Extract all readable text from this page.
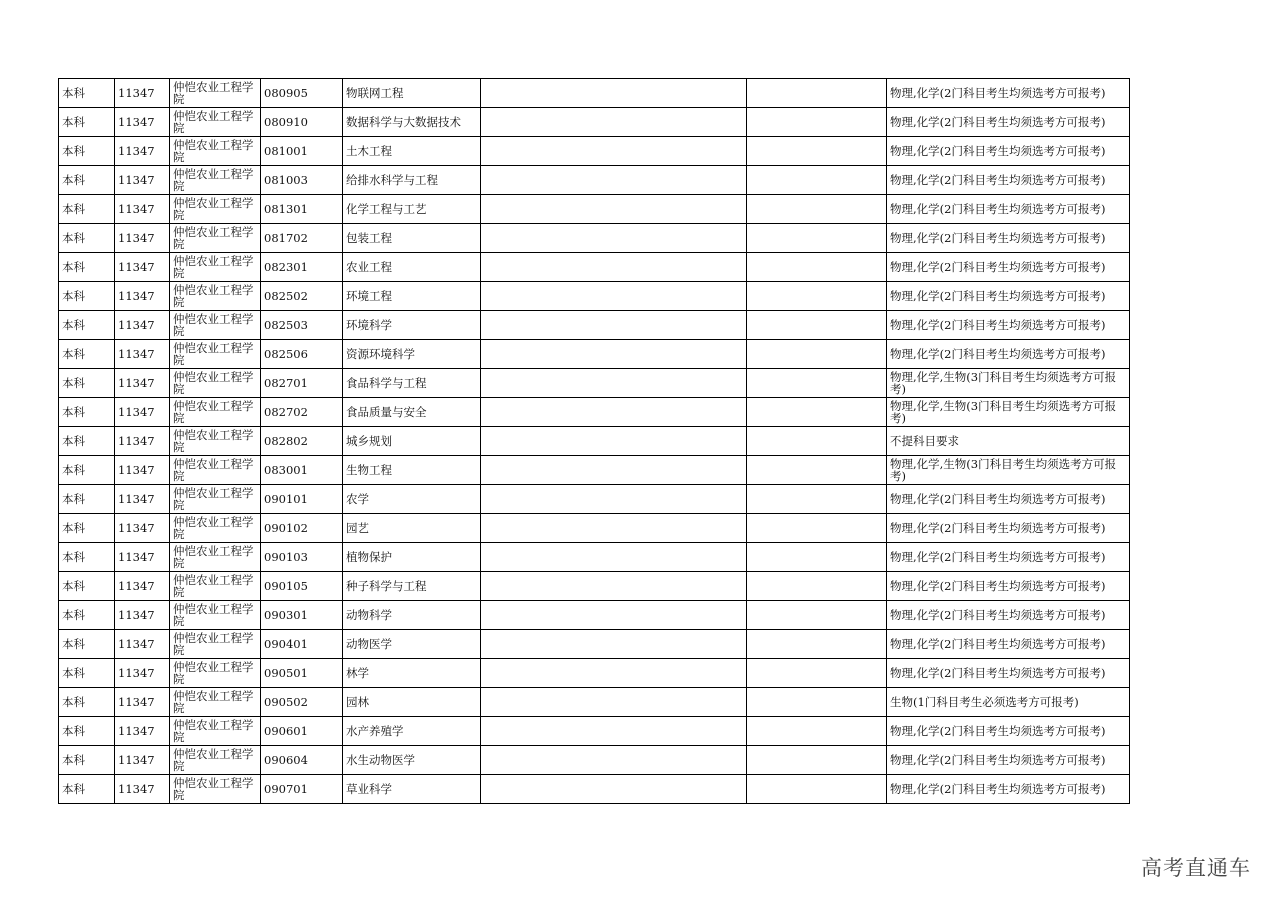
本科	11347	仲恺农业工程学院	080905	物联网工程			物理,化学(2门科目考生均须选考方可报考)
本科	11347	仲恺农业工程学院	080910	数据科学与大数据技术			物理,化学(2门科目考生均须选考方可报考)
本科	11347	仲恺农业工程学院	081001	土木工程			物理,化学(2门科目考生均须选考方可报考)
本科	11347	仲恺农业工程学院	081003	给排水科学与工程			物理,化学(2门科目考生均须选考方可报考)
本科	11347	仲恺农业工程学院	081301	化学工程与工艺			物理,化学(2门科目考生均须选考方可报考)
本科	11347	仲恺农业工程学院	081702	包装工程			物理,化学(2门科目考生均须选考方可报考)
本科	11347	仲恺农业工程学院	082301	农业工程			物理,化学(2门科目考生均须选考方可报考)
本科	11347	仲恺农业工程学院	082502	环境工程			物理,化学(2门科目考生均须选考方可报考)
本科	11347	仲恺农业工程学院	082503	环境科学			物理,化学(2门科目考生均须选考方可报考)
本科	11347	仲恺农业工程学院	082506	资源环境科学			物理,化学(2门科目考生均须选考方可报考)
本科	11347	仲恺农业工程学院	082701	食品科学与工程			物理,化学,生物(3门科目考生均须选考方可报考)
本科	11347	仲恺农业工程学院	082702	食品质量与安全			物理,化学,生物(3门科目考生均须选考方可报考)
本科	11347	仲恺农业工程学院	082802	城乡规划			不提科目要求
本科	11347	仲恺农业工程学院	083001	生物工程			物理,化学,生物(3门科目考生均须选考方可报考)
本科	11347	仲恺农业工程学院	090101	农学			物理,化学(2门科目考生均须选考方可报考)
本科	11347	仲恺农业工程学院	090102	园艺			物理,化学(2门科目考生均须选考方可报考)
本科	11347	仲恺农业工程学院	090103	植物保护			物理,化学(2门科目考生均须选考方可报考)
本科	11347	仲恺农业工程学院	090105	种子科学与工程			物理,化学(2门科目考生均须选考方可报考)
本科	11347	仲恺农业工程学院	090301	动物科学			物理,化学(2门科目考生均须选考方可报考)
本科	11347	仲恺农业工程学院	090401	动物医学			物理,化学(2门科目考生均须选考方可报考)
本科	11347	仲恺农业工程学院	090501	林学			物理,化学(2门科目考生均须选考方可报考)
本科	11347	仲恺农业工程学院	090502	园林			生物(1门科目考生必须选考方可报考)
本科	11347	仲恺农业工程学院	090601	水产养殖学			物理,化学(2门科目考生均须选考方可报考)
本科	11347	仲恺农业工程学院	090604	水生动物医学			物理,化学(2门科目考生均须选考方可报考)
本科	11347	仲恺农业工程学院	090701	草业科学			物理,化学(2门科目考生均须选考方可报考)
高考直通车
